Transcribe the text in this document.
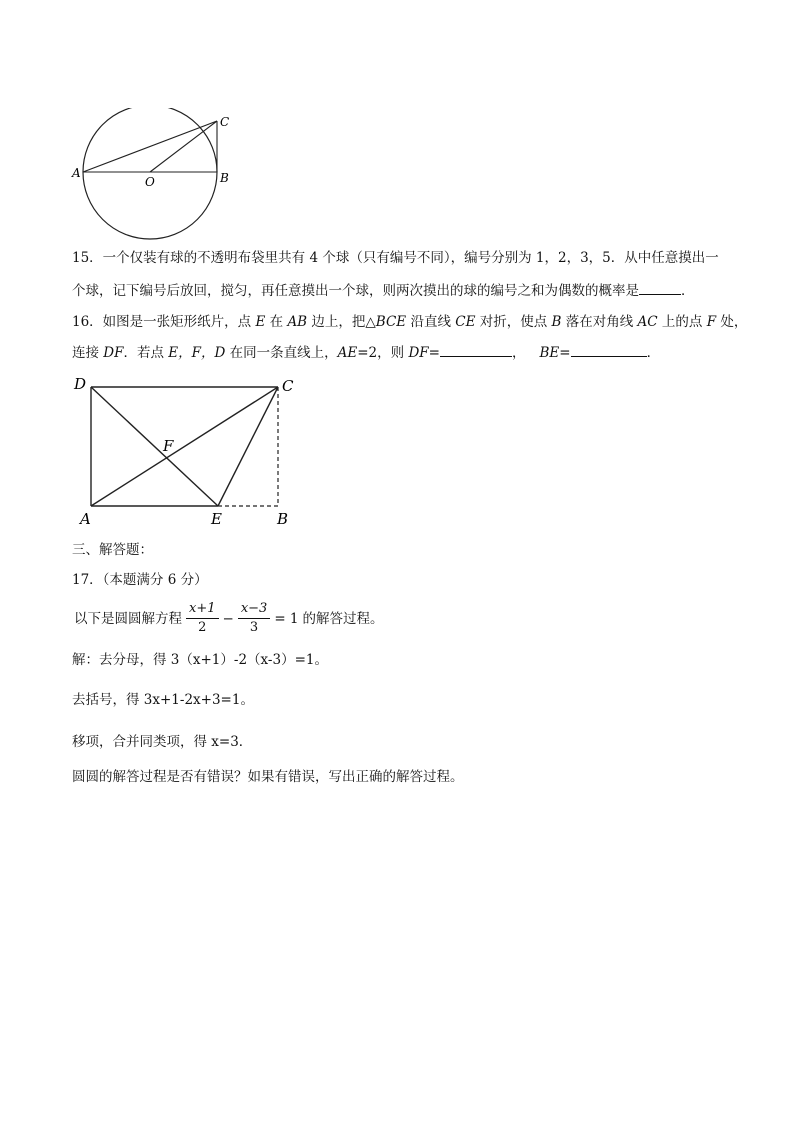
A
O	B
C
15．一个仅装有球的不透明布袋里共有 4 个球（只有编号不同），编号分别为 1，2，3，5．从中任意摸出一
个球，记下编号后放回，搅匀，再任意摸出一个球，则两次摸出的球的编号之和为偶数的概率是	．
16．如图是一张矩形纸片，点 E 在 AB 边上，把△BCE 沿直线 CE 对折，使点 B 落在对角线 AC 上的点 F 处，
连接 DF．若点 E，F，D 在同一条直线上，AE=2，则 DF=	， BE=	．
D	C
F
A	E	B
三、解答题：
17．（本题满分 6 分）
以下是圆圆解方程 $\frac{x+1}{2} - \frac{x-3}{3} = 1$ 的解答过程。
解：去分母，得 3（x+1）-2（x-3）=1。
去括号，得 3x+1-2x+3=1。
移项，合并同类项，得 x=3．
圆圆的解答过程是否有错误？如果有错误，写出正确的解答过程。
